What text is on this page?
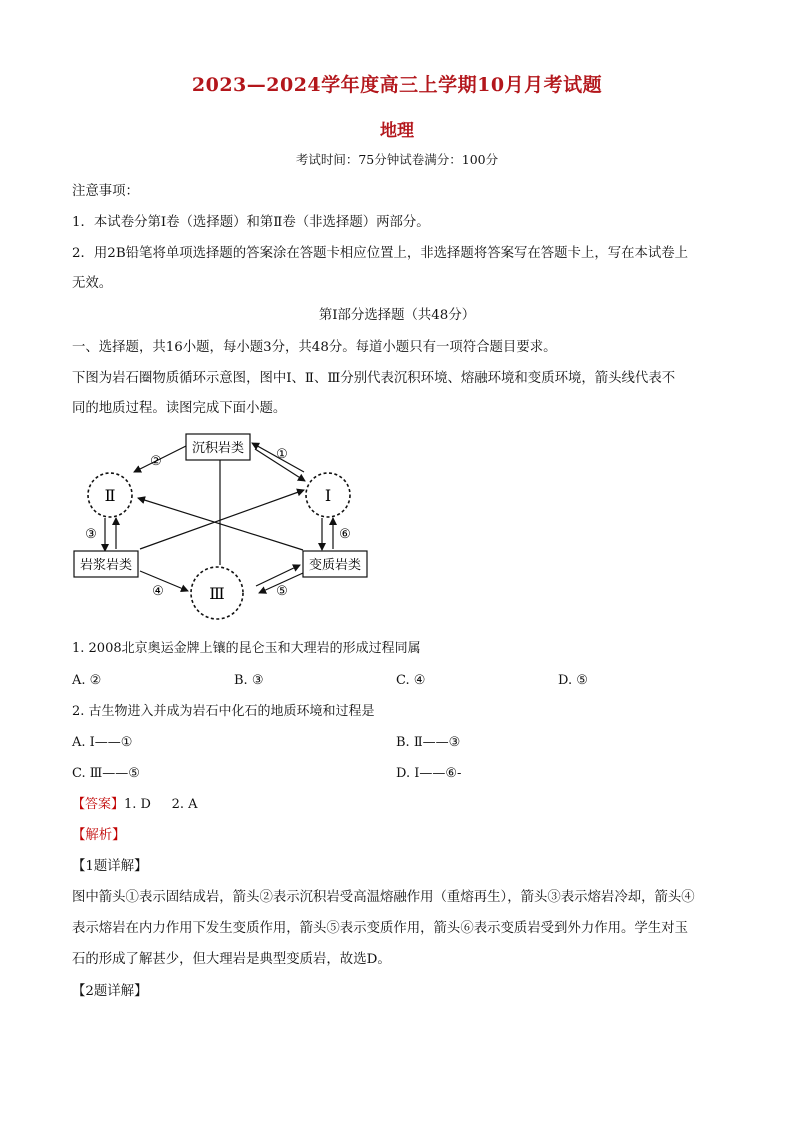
2023—2024学年度高三上学期10月月考试题
地理
考试时间：75分钟试卷满分：100分
注意事项：
1．本试卷分第Ⅰ卷（选择题）和第Ⅱ卷（非选择题）两部分。
2．用2B铅笔将单项选择题的答案涂在答题卡相应位置上，非选择题将答案写在答题卡上，写在本试卷上
无效。
第Ⅰ部分选择题（共48分）
一、选择题，共16小题，每小题3分，共48分。每道小题只有一项符合题目要求。
下图为岩石圈物质循环示意图，图中Ⅰ、Ⅱ、Ⅲ分别代表沉积环境、熔融环境和变质环境，箭头线代表不
同的地质过程。读图完成下面小题。
Ⅱ	Ⅰ
Ⅲ
沉积岩类
岩浆岩类	变质岩类
②	①
③	⑥
④	⑤
1. 2008北京奥运金牌上镶的昆仑玉和大理岩的形成过程同属
A. ②	B. ③	C. ④	D. ⑤
2. 古生物进入并成为岩石中化石的地质环境和过程是
A. Ⅰ——①	B. Ⅱ——③
C. Ⅲ——⑤	D. Ⅰ——⑥-
【答案】1. D     2. A
【解析】
【1题详解】
图中箭头①表示固结成岩，箭头②表示沉积岩受高温熔融作用（重熔再生），箭头③表示熔岩冷却，箭头④
表示熔岩在内力作用下发生变质作用，箭头⑤表示变质作用，箭头⑥表示变质岩受到外力作用。学生对玉
石的形成了解甚少，但大理岩是典型变质岩，故选D。
【2题详解】
